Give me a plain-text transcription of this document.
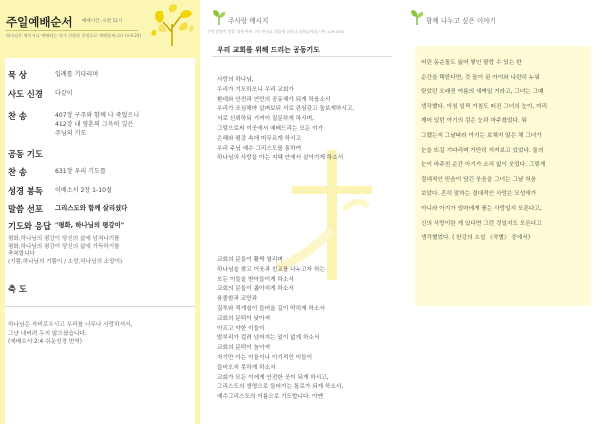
주일예배순서 예배시간: 오전 11시
하나님은 영이시니 예배하는 자가 신령과 진정으로 예배할찌니라 (요4:24)
묵 상	입례를 기다리며
사도 신경	다같이
찬 송	407장 구주와 함께 나 죽었으니
412장 내 영혼의 그윽히 깊은
주님의 기도
공동 기도
찬 송	631장 우리 기도를
성경 봉독	이베소서 2장 1-10절
말씀 선포	그리스도와 함께 살리셨다
기도와 응답 "평화, 하나님의 평강이"
평화,하나님의 평강이 당신의 삶에 넘쳐나기를
평화,하나님의 평강이 당신의 삶에 가득하기를
축복합니다
(기쁨,하나님의 기쁨이 / 소망,하나님의 소망이)
축 도
하나님은 자비로우시고 우리를 너무나 사랑하셔서,
그냥 내버려 두지 않으셨습니다.
(에베소서 2:4 쉬운성경 번역)
주사랑 메시지
주의 말씀의 맛을 내게 어찌 그리 단지요 내입에 꿀보다 더하니이다(시편 119:103)
우리 교회를 위해 드리는 공동기도
사랑의 하나님,
우리가 기도하오니 우리 교회가
환대와 안전과 연민의 공동체가 되게 하옵소서
우리가 조심해야 살펴보되 서로 관심갖고 돌보게하시고,
서로 신뢰하되 기꺼이 질문하게 하시며,
그렇으로써 이곳에서 예배드리는 모든 이가
은혜와 평강 속에 머무르게 하시고
우리 주님 예수 그리스도를 통하여
하나님의 사랑을 아는 지혜 안에서 살아가게 하소서
교회의 문들이 활짝 열리며
하나님을 찾고 이웃과 친교를 나누고자 하는
모든 이들을 받아들이게 하소서
교회의 문들이 좁아지게 하소서
용졸함과 교만과
질투와 적개심이 들어올 길이 막히게 하소서
교회의 문턱이 낮아져
아프고 약한 이들이
발부리가 걸려 넘어지는 일이 없게 하소서
교회의 문턱이 높아져
자기만 아는 이들이나 이기적인 이들이
들어오지 못하게 하소서
교회가 모든 이에게 안전한 곳이 되게 하시고,
그리스도의 생명으로 들어가는 통로가 되게 하소서,
예수그리스도의 이름으로 기도합니다. 아멘
함께 나누고 싶은 이야기
어린 동순돌도 잃어 쌓인 팔랑 수 있는 한
순간을 택한다면, 갓 돌이 된 아이와 나란히 누워
탓았던 오래전 여름의 새벽일 거라고, 그녀는 그때
생각했다. 아침 일찍 거침도 떠진 그녀의 눈이, 미리
깨어 있던 아기의 검은 눈과 마주쳤었다. 뭐
그랬는지 그날따라 아기는 보채지 않은 채 그녀가
눈을 뜨길 기다리며 가만히 지켜보고 있었다. 둘의
눈이 마주친 순간 아기가 소리 없이 웃었다. 그렇게
절대적인 믿음이 담긴 웃음을 그녀는 그날 처음
보았다. 흔히 말하는 절대적인 사랑은 모성애가
아니라 아기가 엄마에게 품는 사랑일지 모른다고,
신의 사랑이란 게 있다면 그런 것일지도 모른다고
생각했었다. ( 한강의 소설 《작별》 중에서)
